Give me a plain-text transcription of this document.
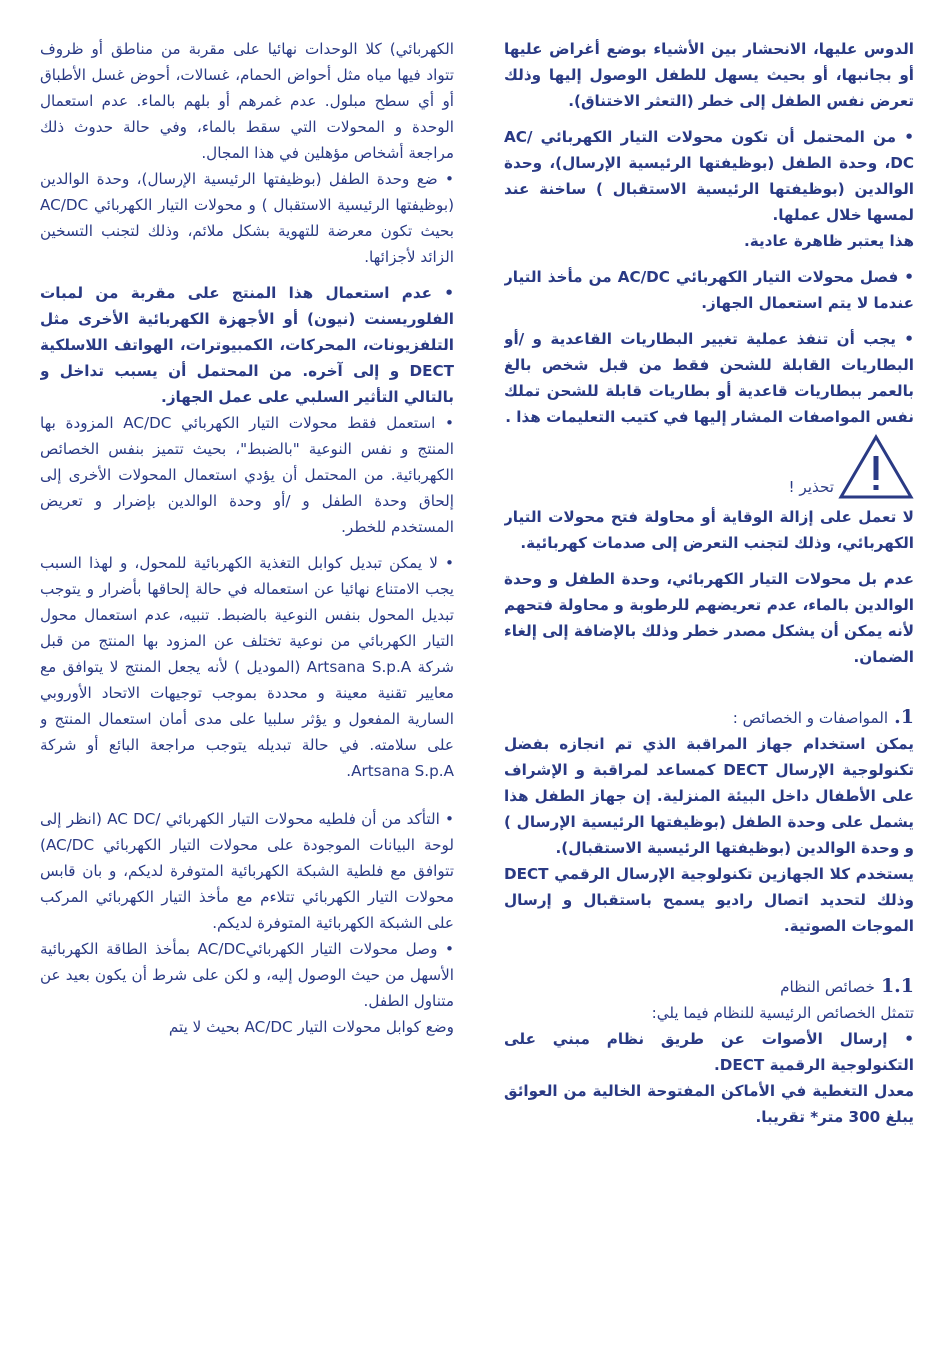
الدوس عليها، الانحشار بين الأشياء بوضع أغراض عليها أو بجانبها، أو بحيث يسهل للطفل الوصول إليها وذلك تعرض نفس الطفل إلى خطر (التعثر الاختناق).

• من المحتمل أن تكون محولات التيار الكهربائي /AC DC، وحدة الطفل (بوظيفتها الرئيسية الإرسال)، وحدة الوالدين (بوظيفتها الرئيسية الاستقبال ) ساخنة عند لمسها خلال عملها.

هذا يعتبر ظاهرة عادية.

• فصل محولات التيار الكهربائي AC/DC من مأخذ التيار عندما لا يتم استعمال الجهاز.

• يجب أن تنفذ عملية تغيير البطاريات القاعدية و /أو البطاريات القابلة للشحن فقط من قبل شخص بالغ بالعمر ببطاريات قاعدية أو بطاريات قابلة للشحن تملك نفس المواصفات المشار إليها في كتيب التعليمات هذا .

تحذير !

لا تعمل على إزالة الوقاية أو محاولة فتح محولات التيار الكهربائي، وذلك لتجنب التعرض إلى صدمات كهربائية.

عدم بل محولات التيار الكهربائي، وحدة الطفل و وحدة الوالدين بالماء، عدم تعريضهم للرطوبة و محاولة فتحهم لأنه يمكن أن يشكل مصدر خطر وذلك بالإضافة إلى إلغاء الضمان.

1.المواصفات و الخصائص :

يمكن استخدام جهاز المراقبة الذي تم انجازه بفضل تكنولوجية الإرسال DECT كمساعد لمراقبة و الإشراف على الأطفال داخل البيئة المنزلية. إن جهاز الطفل هذا يشمل على وحدة الطفل (بوظيفتها الرئيسية الإرسال ) و وحدة الوالدين (بوظيفتها الرئيسية الاستقبال).

يستخدم كلا الجهازين تكنولوجية الإرسال الرقمي DECT وذلك لتحديد اتصال راديو يسمح باستقبال و إرسال الموجات الصوتية.

1.1خصائص النظام

تتمثل الخصائص الرئيسية للنظام فيما يلي:

• إرسال الأصوات عن طريق نظام مبني على التكنولوجية الرقمية DECT.

معدل التغطية في الأماكن المفتوحة الخالية من العوائق يبلغ 300 متر* تقريبا.

الكهربائي) كلا الوحدات نهائيا على مقربة من مناطق أو ظروف تتواد فيها مياه مثل أحواض الحمام، غسالات، أحوض غسل الأطباق أو أي سطح مبلول. عدم غمرهم أو بلهم بالماء. عدم استعمال الوحدة و المحولات التي سقط بالماء، وفي حالة حدوث ذلك مراجعة أشخاص مؤهلين في هذا المجال.

• ضع وحدة الطفل (بوظيفتها الرئيسية الإرسال)، وحدة الوالدين (بوظيفتها الرئيسية الاستقبال ) و محولات التيار الكهربائي AC/DC بحيث تكون معرضة للتهوية بشكل ملائم، وذلك لتجنب التسخين الزائد لأجزائها.

• عدم استعمال هذا المنتج على مقربة من لمبات الفلوريسنت (نيون) أو الأجهزة الكهربائية الأخرى مثل التلفزيونات، المحركات، الكمبيوترات، الهواتف اللاسلكية DECT و إلى آخره. من المحتمل أن يسبب تداخل و بالتالي التأثير السلبي على عمل الجهاز.

• استعمل فقط محولات التيار الكهربائي AC/DC المزودة بها المنتج و نفس النوعية "بالضبط"، بحيث تتميز بنفس الخصائص الكهربائية. من المحتمل أن يؤدي استعمال المحولات الأخرى إلى إلحاق وحدة الطفل و /أو وحدة الوالدين بإضرار و تعريض المستخدم للخطر.

• لا يمكن تبديل كوابل التغذية الكهربائية للمحول، و لهذا السبب يجب الامتناع نهائيا عن استعماله في حالة إلحاقها بأضرار و يتوجب تبديل المحول بنفس النوعية بالضبط. تنبيه، عدم استعمال محول التيار الكهربائي من نوعية تختلف عن المزود بها المنتج من قبل شركة Artsana S.p.A (الموديل ) لأنه يجعل المنتج لا يتوافق مع معايير تقنية معينة و محددة بموجب توجيهات الاتحاد الأوروبي السارية المفعول و يؤثر سلبيا على مدى أمان استعمال المنتج و على سلامته. في حالة تبديله يتوجب مراجعة البائع أو شركة Artsana S.p.A.

• التأكد من أن فلطيه محولات التيار الكهربائي /AC DC (انظر إلى لوحة البيانات الموجودة على محولات التيار الكهربائي AC/DC) تتوافق مع فلطية الشبكة الكهربائية المتوفرة لديكم، و بان قابس محولات التيار الكهربائي تتلاءم مع مأخذ التيار الكهربائي المركب على الشبكة الكهربائية المتوفرة لديكم.

• وصل محولات التيار الكهربائيAC/DC بمأخذ الطاقة الكهربائية الأسهل من حيث الوصول إليه، و لكن على شرط أن يكون بعيد عن متناول الطفل.

وضع كوابل محولات التيار AC/DC بحيث لا يتم
